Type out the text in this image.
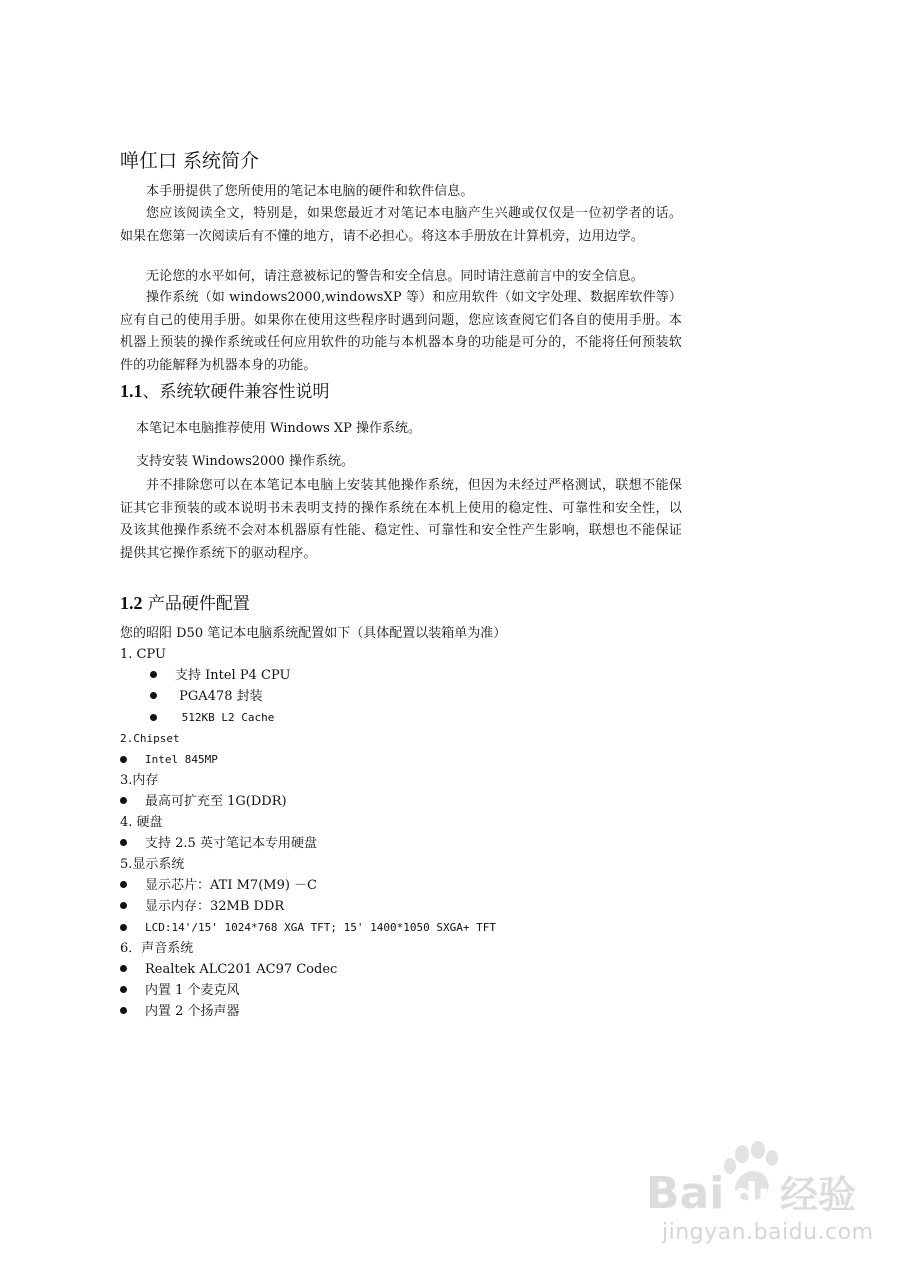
啴仜口 系统简介
本手册提供了您所使用的笔记本电脑的硬件和软件信息。
您应该阅读全文，特别是，如果您最近才对笔记本电脑产生兴趣或仅仅是一位初学者的话。如果在您第一次阅读后有不懂的地方，请不必担心。将这本手册放在计算机旁，边用边学。
无论您的水平如何，请注意被标记的警告和安全信息。同时请注意前言中的安全信息。
操作系统（如 windows2000,windowsXP 等）和应用软件（如文字处理、数据库软件等）应有自己的使用手册。如果你在使用这些程序时遇到问题，您应该查阅它们各自的使用手册。本机器上预装的操作系统或任何应用软件的功能与本机器本身的功能是可分的，不能将任何预装软件的功能解释为机器本身的功能。
1.1、系统软硬件兼容性说明
本笔记本电脑推荐使用 Windows XP 操作系统。
支持安装 Windows2000 操作系统。
并不排除您可以在本笔记本电脑上安装其他操作系统，但因为未经过严格测试，联想不能保证其它非预装的或本说明书未表明支持的操作系统在本机上使用的稳定性、可靠性和安全性，以及该其他操作系统不会对本机器原有性能、稳定性、可靠性和安全性产生影响，联想也不能保证提供其它操作系统下的驱动程序。
1.2 产品硬件配置
您的昭阳 D50 笔记本电脑系统配置如下（具体配置以装箱单为准）
1. CPU
支持 Intel P4 CPU
PGA478 封装
512KB L2 Cache
2.Chipset
Intel 845MP
3.内存
最高可扩充至 1G(DDR)
4. 硬盘
支持 2.5 英寸笔记本专用硬盘
5.显示系统
显示芯片：ATI M7(M9) －C
显示内存：32MB DDR
LCD:14'/15' 1024*768 XGA TFT; 15' 1400*1050 SXGA+ TFT
6．声音系统
Realtek ALC201 AC97 Codec
内置 1 个麦克风
内置 2 个扬声器
Bai du
经验
jingyan.baidu.com
